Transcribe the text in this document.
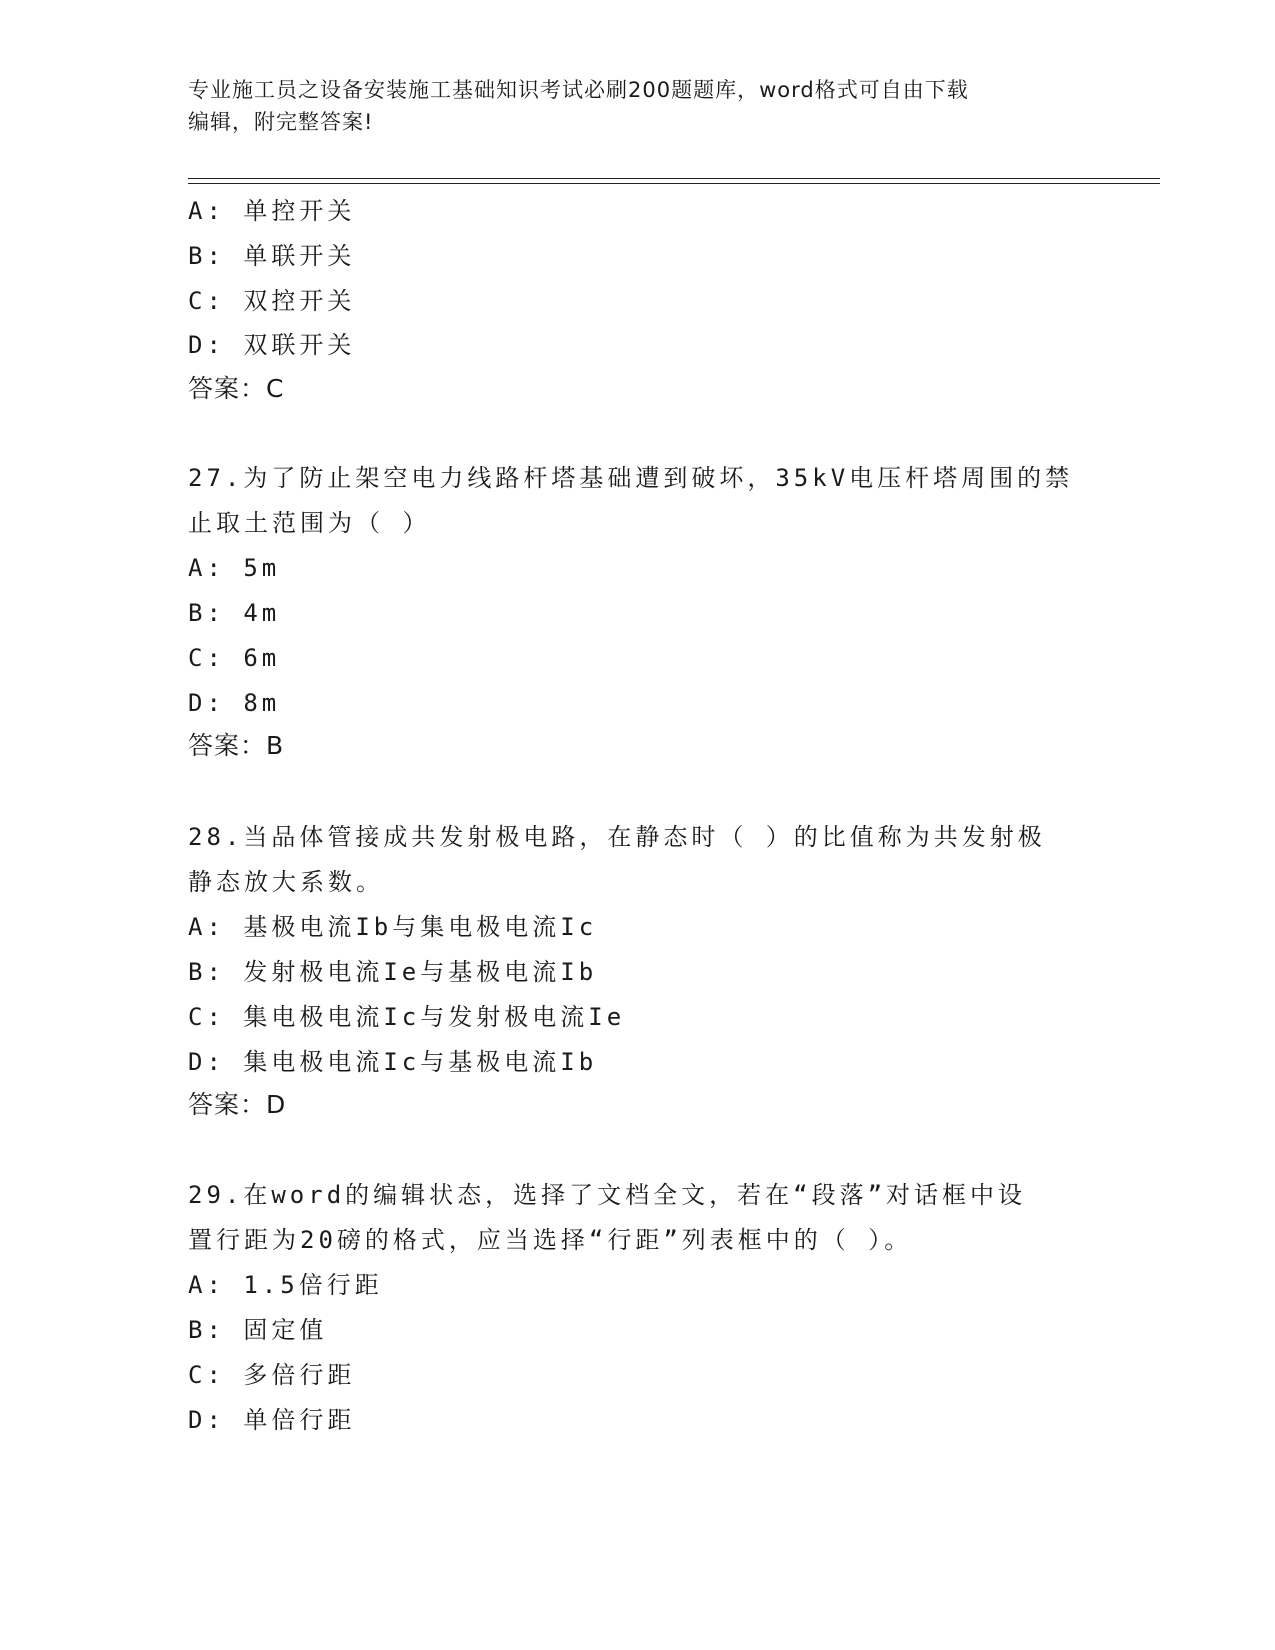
专业施工员之设备安装施工基础知识考试必刷200题题库，word格式可自由下载
编辑，附完整答案!
A: 单控开关
B: 单联开关
C: 双控开关
D: 双联开关
答案：C
27.为了防止架空电力线路杆塔基础遭到破坏，35kV电压杆塔周围的禁
止取土范围为（ ）
A: 5m
B: 4m
C: 6m
D: 8m
答案：B
28.当品体管接成共发射极电路，在静态时（ ）的比值称为共发射极
静态放大系数。
A: 基极电流Ib与集电极电流Ic
B: 发射极电流Ie与基极电流Ib
C: 集电极电流Ic与发射极电流Ie
D: 集电极电流Ic与基极电流Ib
答案：D
29.在word的编辑状态，选择了文档全文，若在“段落”对话框中设
置行距为20磅的格式，应当选择“行距”列表框中的（ ）。
A: 1.5倍行距
B: 固定值
C: 多倍行距
D: 单倍行距
